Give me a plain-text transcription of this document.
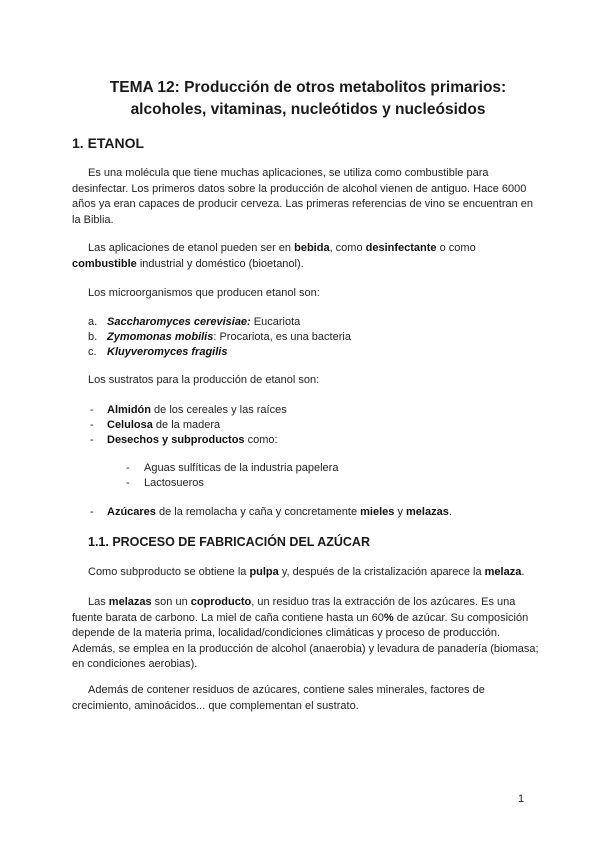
TEMA 12: Producción de otros metabolitos primarios:
alcoholes, vitaminas, nucleótidos y nucleósidos
1. ETANOL

Es una molécula que tiene muchas aplicaciones, se utiliza como combustible para desinfectar. Los primeros datos sobre la producción de alcohol vienen de antiguo. Hace 6000 años ya eran capaces de producir cerveza. Las primeras referencias de vino se encuentran en la Biblia.

Las aplicaciones de etanol pueden ser en bebida, como desinfectante o como combustible industrial y doméstico (bioetanol).

Los microorganismos que producen etanol son:

a. Saccharomyces cerevisiae: Eucariota
b. Zymomonas mobilis: Procariota, es una bacteria
c. Kluyveromyces fragilis

Los sustratos para la producción de etanol son:

- Almidón de los cereales y las raíces
- Celulosa de la madera
- Desechos y subproductos como:
- Aguas sulfíticas de la industria papelera
- Lactosueros
- Azúcares de la remolacha y caña y concretamente mieles y melazas.
1.1. PROCESO DE FABRICACIÓN DEL AZÚCAR

Como subproducto se obtiene la pulpa y, después de la cristalización aparece la melaza.

Las melazas son un coproducto, un residuo tras la extracción de los azúcares. Es una fuente barata de carbono. La miel de caña contiene hasta un 60% de azúcar. Su composición depende de la materia prima, localidad/condiciones climáticas y proceso de producción. Además, se emplea en la producción de alcohol (anaerobia) y levadura de panadería (biomasa; en condiciones aerobias).

Además de contener residuos de azúcares, contiene sales minerales, factores de crecimiento, aminoácidos... que complementan el sustrato.

1
